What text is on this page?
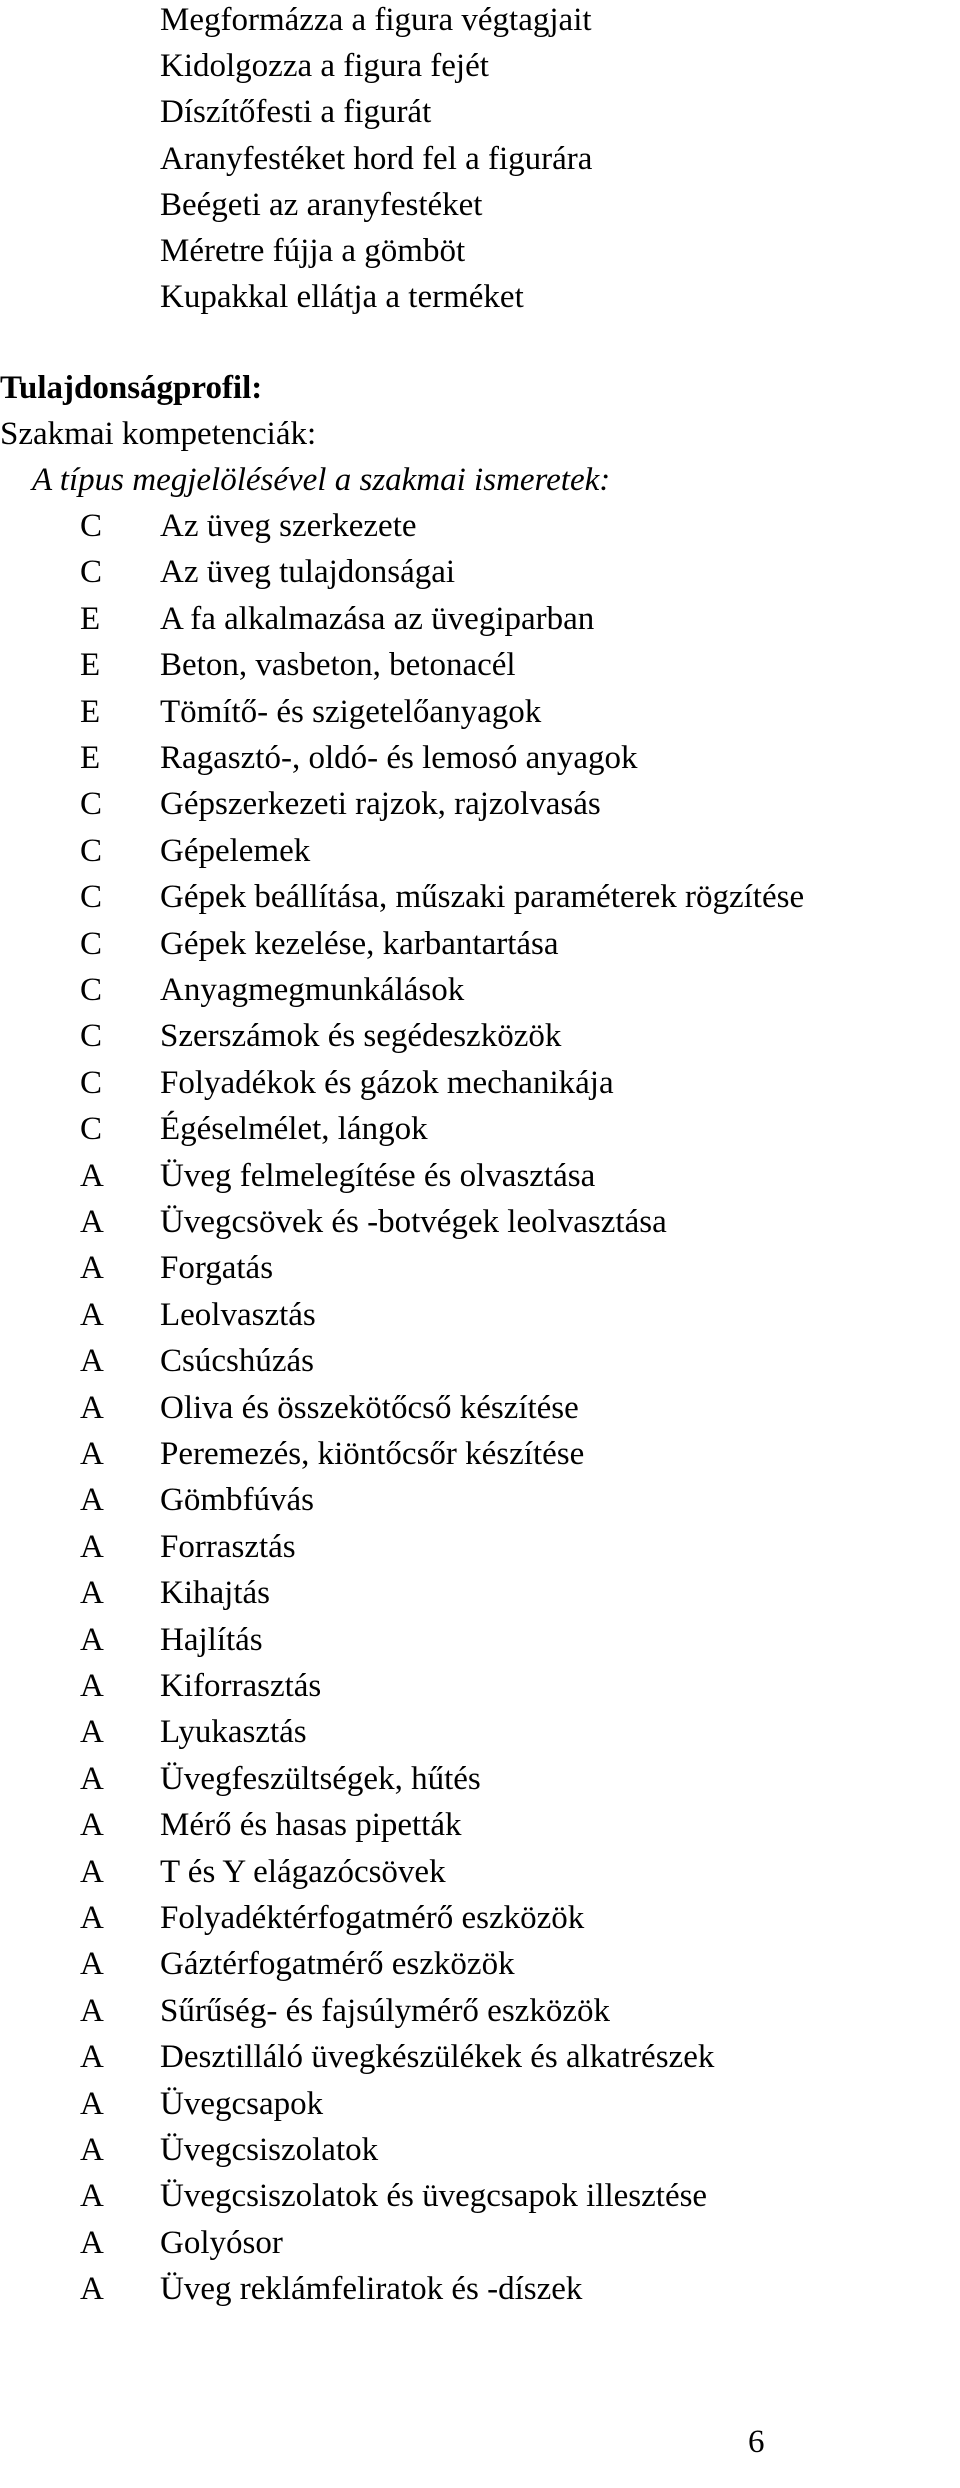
Megformázza a figura végtagjait
Kidolgozza a figura fejét
Díszítőfesti a figurát
Aranyfestéket hord fel a figurára
Beégeti az aranyfestéket
Méretre fújja a gömböt
Kupakkal ellátja a terméket
Tulajdonságprofil:
Szakmai kompetenciák:
A típus megjelölésével a szakmai ismeretek:
C Az üveg szerkezete
C Az üveg tulajdonságai
E A fa alkalmazása az üvegiparban
E Beton, vasbeton, betonacél
E Tömítő- és szigetelőanyagok
E Ragasztó-, oldó- és lemosó anyagok
C Gépszerkezeti rajzok, rajzolvasás
C Gépelemek
C Gépek beállítása, műszaki paraméterek rögzítése
C Gépek kezelése, karbantartása
C Anyagmegmunkálások
C Szerszámok és segédeszközök
C Folyadékok és gázok mechanikája
C Égéselmélet, lángok
A Üveg felmelegítése és olvasztása
A Üvegcsövek és -botvégek leolvasztása
A Forgatás
A Leolvasztás
A Csúcshúzás
A Oliva és összekötőcső készítése
A Peremezés, kiöntőcsőr készítése
A Gömbfúvás
A Forrasztás
A Kihajtás
A Hajlítás
A Kiforrasztás
A Lyukasztás
A Üvegfeszültségek, hűtés
A Mérő és hasas pipetták
A T és Y elágazócsövek
A Folyadéktérfogatmérő eszközök
A Gáztérfogatmérő eszközök
A Sűrűség- és fajsúlymérő eszközök
A Desztilláló üvegkészülékek és alkatrészek
A Üvegcsapok
A Üvegcsiszolatok
A Üvegcsiszolatok és üvegcsapok illesztése
A Golyósor
A Üveg reklámfeliratok és -díszek
6
